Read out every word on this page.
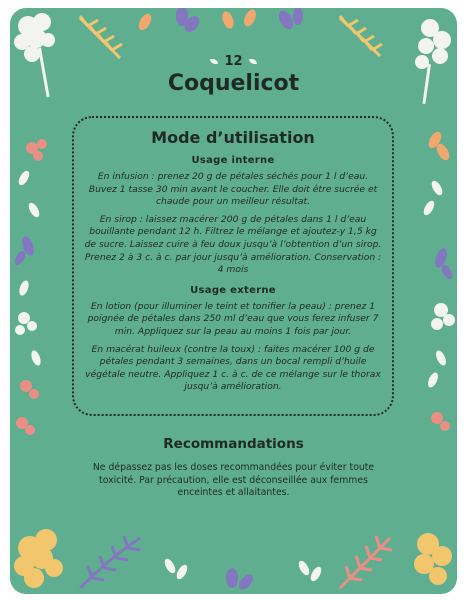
12
Coquelicot
Mode d’utilisation
Usage interne
En infusion : prenez 20 g de pétales séchés pour 1 l d’eau. Buvez 1 tasse 30 min avant le coucher. Elle doit être sucrée et chaude pour un meilleur résultat.
En sirop : laissez macérer 200 g de pétales dans 1 l d’eau bouillante pendant 12 h. Filtrez le mélange et ajoutez-y 1,5 kg de sucre. Laissez cuire à feu doux jusqu’à l’obtention d’un sirop. Prenez 2 à 3 c. à c. par jour jusqu’à amélioration. Conservation : 4 mois
Usage externe
En lotion (pour illuminer le teint et tonifier la peau) : prenez 1 poignée de pétales dans 250 ml d’eau que vous ferez infuser 7 min. Appliquez sur la peau au moins 1 fois par jour.
En macérat huileux (contre la toux) : faites macérer 100 g de pétales pendant 3 semaines, dans un bocal rempli d’huile végétale neutre. Appliquez 1 c. à c. de ce mélange sur le thorax jusqu’à amélioration.
Recommandations
Ne dépassez pas les doses recommandées pour éviter toute toxicité. Par précaution, elle est déconseillée aux femmes enceintes et allaitantes.
